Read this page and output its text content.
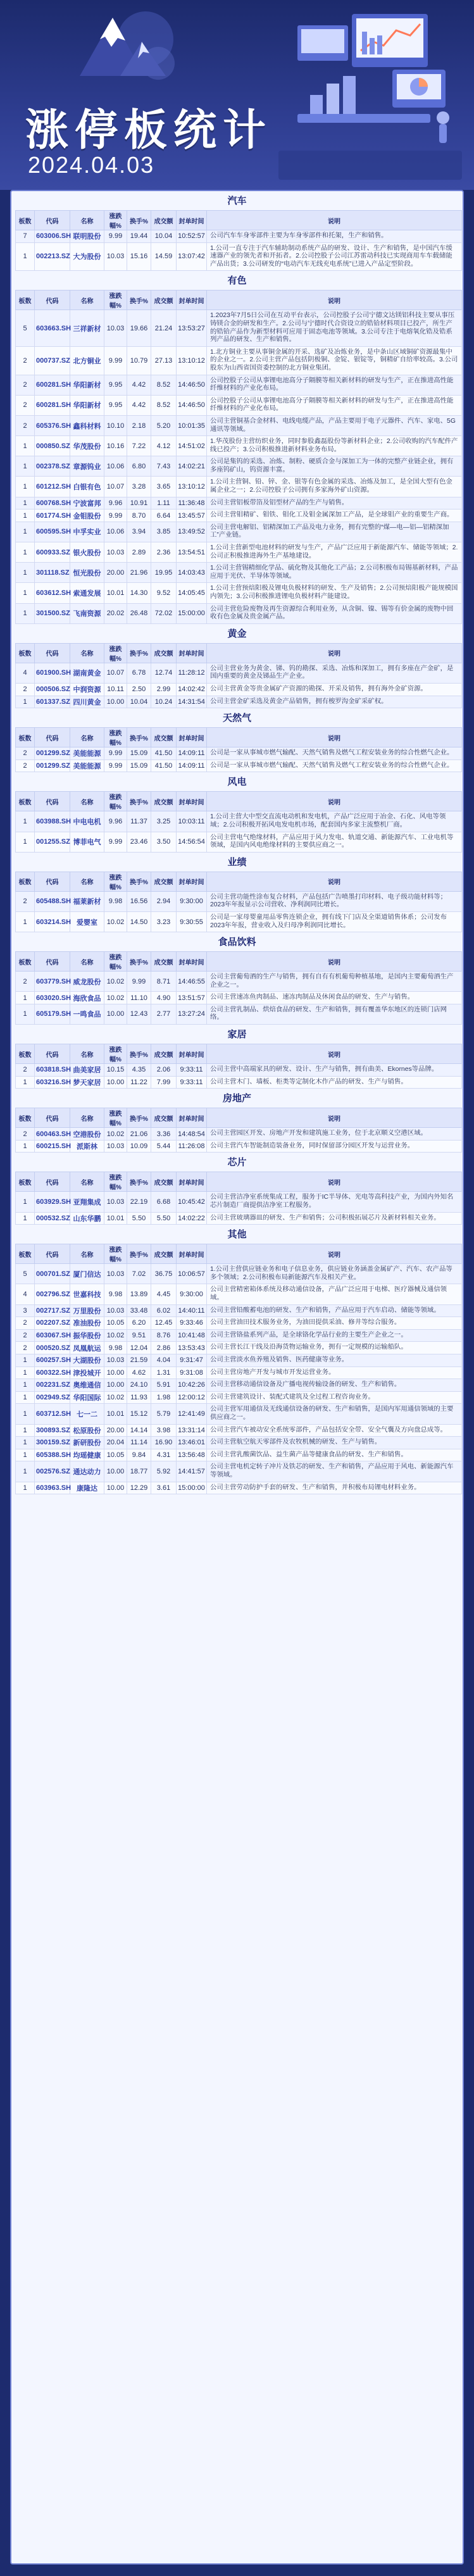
涨停板统计
2024.04.03
汽车
板数	代码	名称	涨跌幅%	换手%	成交额	封单时间	说明
7	603006.SH	联明股份	9.99	19.44	10.04	10:52:57	公司汽车车身零部件主要为车身零部件和托架，生产和销售。
1	002213.SZ	大为股份	10.03	15.16	14.59	13:07:42	1.公司一直专注于汽车辅助制动系统产品的研发、设计、生产和销售，是中国汽车缓速器产业的领先者和开拓者。2.公司控股子公司江苏雷动科技已实现商用车车载储能产品出货；3.公司研发的“电动汽车无线充电系统”已进入产品定型阶段。
有色
板数	代码	名称	涨跌幅%	换手%	成交额	封单时间	说明
5	603663.SH	三祥新材	10.03	19.66	21.24	13:53:27	1.2023年7月5日公司在互动平台表示，公司控股子公司宁德文达镁铝科技主要从事压铸镁合金的研发和生产。2.公司与宁德时代合资设立的锆铪材料项目已投产，所生产的锆铪产品作为新型材料可应用于固态电池等领域。3.公司专注于电熔氧化锆及锆系列产品的研发、生产和销售。
2	000737.SZ	北方铜业	9.99	10.79	27.13	13:10:12	1.北方铜业主要从事铜金属的开采、选矿及冶炼业务，是中条山区域铜矿资源最集中的企业之一。2.公司主营产品包括阴极铜、金锭、银锭等，铜精矿自给率较高。3.公司股东为山西省国资委控制的北方铜业集团。
2	600281.SH	华阳新材	9.95	4.42	8.52	14:46:50	公司控股子公司从事锂电池高分子隔膜等相关新材料的研发与生产，正在推进高性能纤维材料的产业化布局。
2	600281.SH	华阳新材	9.95	4.42	8.52	14:46:50	公司控股子公司从事锂电池高分子隔膜等相关新材料的研发与生产，正在推进高性能纤维材料的产业化布局。
2	605376.SH	鑫科材料	10.10	2.18	5.20	10:01:35	公司主营铜基合金材料、电线电缆产品，产品主要用于电子元器件、汽车、家电、5G通讯等领域。
1	000850.SZ	华茂股份	10.16	7.22	4.12	14:51:02	1.华茂股份主营纺织业务，同时参股鑫磊股份等新材料企业；2.公司收购的汽车配件产线已投产；3.公司积极推进新材料业务布局。
1	002378.SZ	章源钨业	10.06	6.80	7.43	14:02:21	公司是集钨的采选、冶炼、制粉、硬质合金与深加工为一体的完整产业链企业，拥有多座钨矿山，钨资源丰富。
1	601212.SH	白银有色	10.07	3.28	3.65	13:10:12	1.公司主营铜、铅、锌、金、银等有色金属的采选、冶炼及加工，是全国大型有色金属企业之一；2.公司控股子公司拥有多家海外矿山资源。
1	600768.SH	宁波富邦	9.96	10.91	1.11	11:36:48	公司主营铝板带箔及铝型材产品的生产与销售。
1	601774.SH	金钼股份	9.99	8.70	6.64	13:45:57	公司主营钼精矿、钼铁、钼化工及钼金属深加工产品，是全球钼产业的重要生产商。
1	600595.SH	中孚实业	10.06	3.94	3.85	13:49:52	公司主营电解铝、铝精深加工产品及电力业务，拥有完整的“煤—电—铝—铝精深加工”产业链。
1	600933.SZ	银火股份	10.03	2.89	2.36	13:54:51	1.公司主营新型电池材料的研发与生产，产品广泛应用于新能源汽车、储能等领域；2.公司正积极推进海外生产基地建设。
1	301118.SZ	恒光股份	20.00	21.96	19.95	14:03:43	1.公司主营锡精细化学品、硫化物及其他化工产品；2.公司积极布局锡基新材料，产品应用于光伏、半导体等领域。
1	603612.SH	索通发展	10.01	14.30	9.52	14:05:45	1.公司主营预焙阳极及锂电负极材料的研发、生产及销售；2.公司预焙阳极产能规模国内领先；3.公司积极推进锂电负极材料产能建设。
1	301500.SZ	飞南资源	20.02	26.48	72.02	15:00:00	公司主营危险废物及再生资源综合利用业务，从含铜、镍、锡等有价金属的废物中回收有色金属及贵金属产品。
黄金
板数	代码	名称	涨跌幅%	换手%	成交额	封单时间	说明
4	601900.SH	湖南黄金	10.07	6.78	12.74	11:28:12	公司主营业务为黄金、锑、钨的勘探、采选、冶炼和深加工，拥有多座在产金矿，是国内重要的黄金及锑品生产企业。
2	000506.SZ	中润资源	10.11	2.50	2.99	14:02:42	公司主营黄金等贵金属矿产资源的勘探、开采及销售，拥有海外金矿资源。
1	601337.SZ	四川黄金	10.00	10.04	10.24	14:31:54	公司主营金矿采选及黄金产品销售，拥有梭罗沟金矿采矿权。
天然气
板数	代码	名称	涨跌幅%	换手%	成交额	封单时间	说明
2	001299.SZ	美能能源	9.99	15.09	41.50	14:09:11	公司是一家从事城市燃气输配、天然气销售及燃气工程安装业务的综合性燃气企业。
2	001299.SZ	美能能源	9.99	15.09	41.50	14:09:11	公司是一家从事城市燃气输配、天然气销售及燃气工程安装业务的综合性燃气企业。
风电
板数	代码	名称	涨跌幅%	换手%	成交额	封单时间	说明
1	603988.SH	中电电机	9.96	11.37	3.25	10:03:11	1.公司主营大中型交直流电动机和发电机，产品广泛应用于冶金、石化、风电等领域；2.公司积极开拓风电发电机市场，配套国内多家主流整机厂商。
1	001255.SZ	博菲电气	9.99	23.46	3.50	14:56:54	公司主营电气绝缘材料，产品应用于风力发电、轨道交通、新能源汽车、工业电机等领域，是国内风电绝缘材料的主要供应商之一。
业绩
板数	代码	名称	涨跌幅%	换手%	成交额	封单时间	说明
2	605488.SH	福莱新材	9.98	16.56	2.94	9:30:00	公司主营功能性涂布复合材料，产品包括广告喷墨打印材料、电子级功能材料等；2023年年报显示公司营收、净利润同比增长。
1	603214.SH	爱婴室	10.02	14.50	3.23	9:30:55	公司是一家母婴童用品零售连锁企业，拥有线下门店及全渠道销售体系；公司发布2023年年报，营业收入及归母净利润同比增长。
食品饮料
板数	代码	名称	涨跌幅%	换手%	成交额	封单时间	说明
2	603779.SH	威龙股份	10.02	9.99	8.71	14:46:55	公司主营葡萄酒的生产与销售，拥有自有有机葡萄种植基地，是国内主要葡萄酒生产企业之一。
1	603020.SH	海欣食品	10.02	11.10	4.90	13:51:57	公司主营速冻鱼肉制品、速冻肉制品及休闲食品的研发、生产与销售。
1	605179.SH	一鸣食品	10.00	12.43	2.77	13:27:24	公司主营乳制品、烘焙食品的研发、生产和销售，拥有覆盖华东地区的连锁门店网络。
家居
板数	代码	名称	涨跌幅%	换手%	成交额	封单时间	说明
2	603818.SH	曲美家居	10.15	4.35	2.06	9:33:11	公司主营中高端家具的研发、设计、生产与销售，拥有曲美、Ekornes等品牌。
1	603216.SH	梦天家居	10.00	11.22	7.99	9:33:11	公司主营木门、墙板、柜类等定制化木作产品的研发、生产与销售。
房地产
板数	代码	名称	涨跌幅%	换手%	成交额	封单时间	说明
2	600463.SH	空港股份	10.02	21.06	3.36	14:48:54	公司主营园区开发、房地产开发和建筑施工业务，位于北京顺义空港区域。
1	600215.SH	派斯林	10.03	10.09	5.44	11:26:08	公司主营汽车智能制造装备业务，同时保留部分园区开发与运营业务。
芯片
板数	代码	名称	涨跌幅%	换手%	成交额	封单时间	说明
1	603929.SH	亚翔集成	10.03	22.19	6.68	10:45:42	公司主营洁净室系统集成工程，服务于IC半导体、光电等高科技产业，为国内外知名芯片制造厂商提供洁净室工程服务。
1	000532.SZ	山东华鹏	10.01	5.50	5.50	14:02:22	公司主营玻璃器皿的研发、生产和销售；公司积极拓展芯片及新材料相关业务。
其他
板数	代码	名称	涨跌幅%	换手%	成交额	封单时间	说明
5	000701.SZ	厦门信达	10.03	7.02	36.75	10:06:57	1.公司主营供应链业务和电子信息业务，供应链业务涵盖金属矿产、汽车、农产品等多个领域；2.公司积极布局新能源汽车及相关产业。
4	002796.SZ	世嘉科技	9.98	13.89	4.45	9:30:00	公司主营精密箱体系统及移动通信设备，产品广泛应用于电梯、医疗器械及通信领域。
3	002717.SZ	万里股份	10.03	33.48	6.02	14:40:11	公司主营铅酸蓄电池的研发、生产和销售，产品应用于汽车启动、储能等领域。
2	002207.SZ	准油股份	10.05	6.20	12.45	9:33:46	公司主营油田技术服务业务，为油田提供采油、修井等综合服务。
2	603067.SH	振华股份	10.02	9.51	8.76	10:41:48	公司主营铬盐系列产品，是全球铬化学品行业的主要生产企业之一。
2	000520.SZ	凤凰航运	9.98	12.04	2.86	13:53:43	公司主营长江干线及沿海货物运输业务，拥有一定规模的运输船队。
1	600257.SH	大湖股份	10.03	21.59	4.04	9:31:47	公司主营淡水鱼养殖及销售、医药健康等业务。
1	600322.SH	津投城开	10.00	4.62	1.31	9:31:08	公司主营房地产开发与城市开发运营业务。
1	002231.SZ	奥维通信	10.00	24.10	5.91	10:42:26	公司主营移动通信设备及广播电视传输设备的研发、生产和销售。
1	002949.SZ	华阳国际	10.02	11.93	1.98	12:00:12	公司主营建筑设计、装配式建筑及全过程工程咨询业务。
1	603712.SH	七一二	10.01	15.12	5.79	12:41:49	公司主营军用通信及无线通信设备的研发、生产和销售，是国内军用通信领域的主要供应商之一。
1	300893.SZ	松原股份	20.00	14.14	3.98	13:31:14	公司主营汽车被动安全系统零部件，产品包括安全带、安全气囊及方向盘总成等。
1	300159.SZ	新研股份	20.04	11.14	16.90	13:46:01	公司主营航空航天零部件及农牧机械的研发、生产与销售。
1	605388.SH	均瑶健康	10.05	9.84	4.31	13:56:48	公司主营乳酸菌饮品、益生菌产品等健康食品的研发、生产和销售。
1	002576.SZ	通达动力	10.00	18.77	5.92	14:41:57	公司主营电机定转子冲片及铁芯的研发、生产和销售，产品应用于风电、新能源汽车等领域。
1	603963.SH	康隆达	10.00	12.29	3.61	15:00:00	公司主营劳动防护手套的研发、生产和销售，并积极布局锂电材料业务。
